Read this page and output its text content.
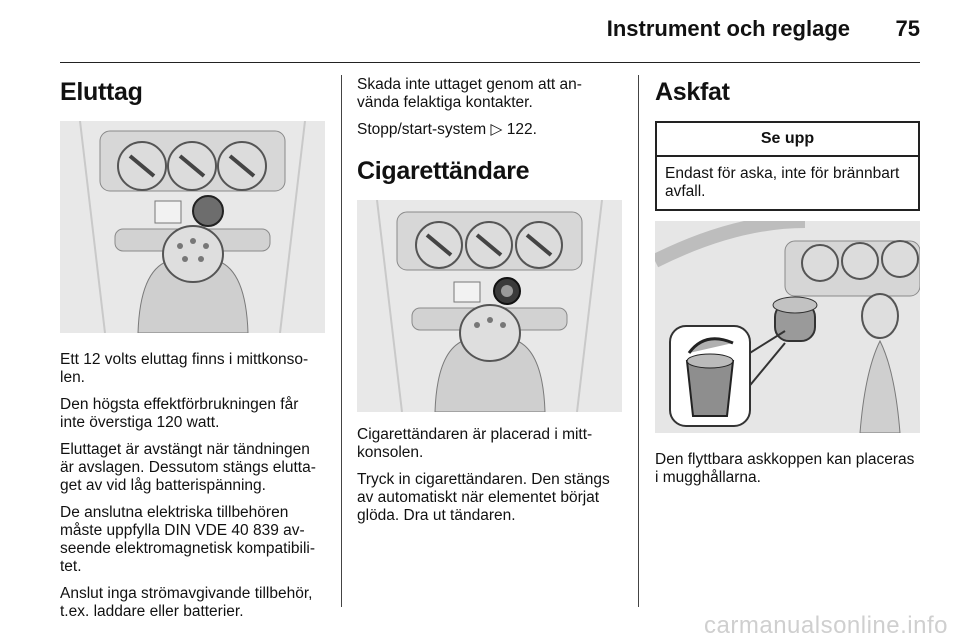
Instrument och reglage	75
Eluttag

Ett 12 volts eluttag finns i mittkonso-len.

Den högsta effektförbrukningen får inte överstiga 120 watt.

Eluttaget är avstängt när tändningen är avslagen. Dessutom stängs elutta-get av vid låg batterispänning.

De anslutna elektriska tillbehören måste uppfylla DIN VDE 40 839 av-seende elektromagnetisk kompatibili-tet.

Anslut inga strömavgivande tillbehör, t.ex. laddare eller batterier.

Skada inte uttaget genom att an-vända felaktiga kontakter.

Stopp/start-system ▷ 122.

Cigarettändare

Cigarettändaren är placerad i mitt-konsolen.

Tryck in cigarettändaren. Den stängs av automatiskt när elementet börjat glöda. Dra ut tändaren.

Askfat
Se upp
Endast för aska, inte för brännbart avfall.

Den flyttbara askkoppen kan placeras i mugghållarna.

carmanualsonline.info
